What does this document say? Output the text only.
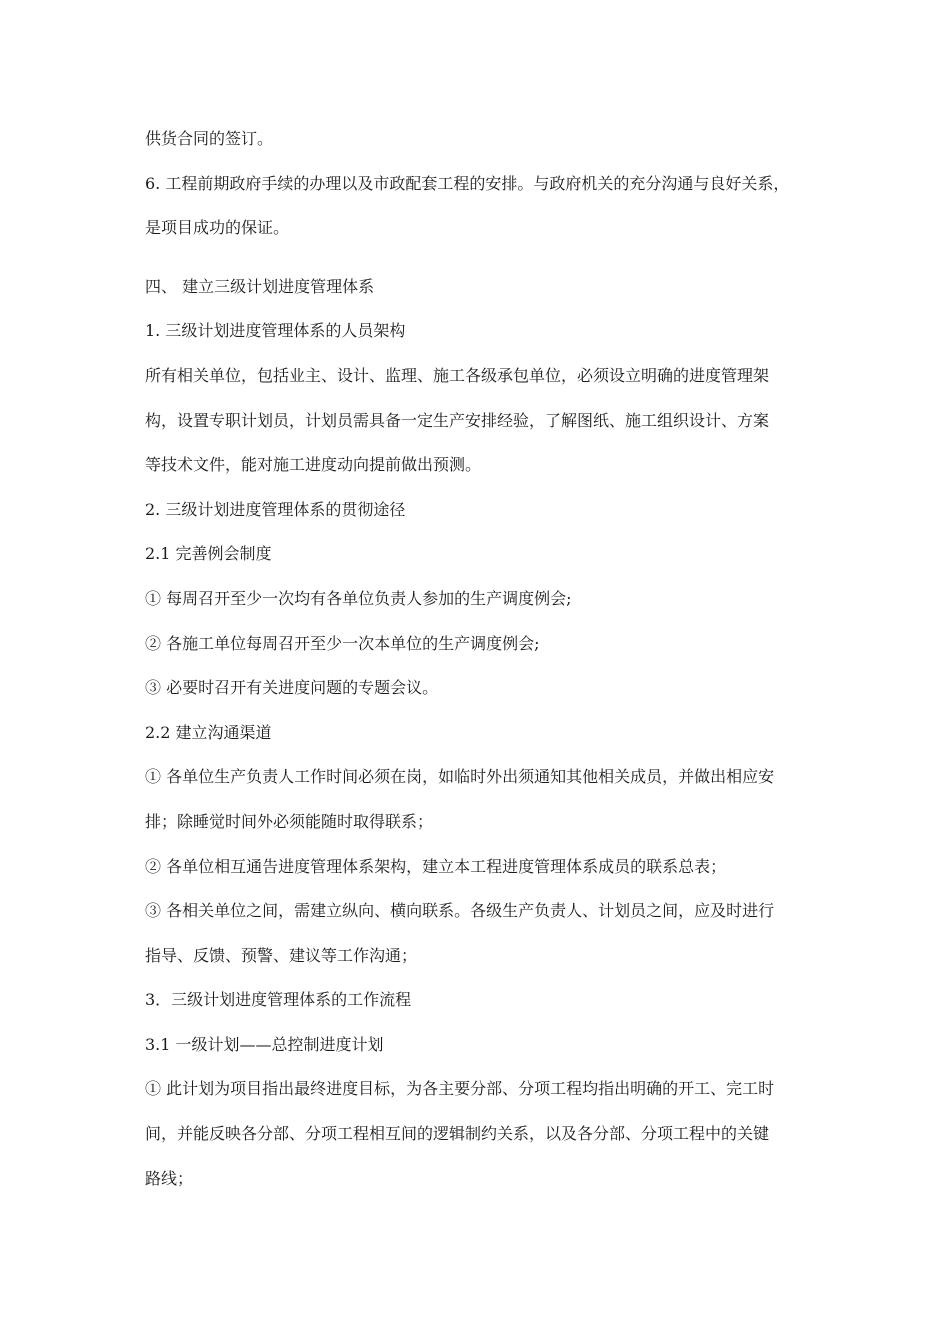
供货合同的签订。

6. 工程前期政府手续的办理以及市政配套工程的安排。与政府机关的充分沟通与良好关系，

是项目成功的保证。

四、 建立三级计划进度管理体系

1. 三级计划进度管理体系的人员架构

所有相关单位，包括业主、设计、监理、施工各级承包单位，必须设立明确的进度管理架

构，设置专职计划员，计划员需具备一定生产安排经验，了解图纸、施工组织设计、方案

等技术文件，能对施工进度动向提前做出预测。

2. 三级计划进度管理体系的贯彻途径

2.1 完善例会制度

① 每周召开至少一次均有各单位负责人参加的生产调度例会;

② 各施工单位每周召开至少一次本单位的生产调度例会;

③ 必要时召开有关进度问题的专题会议。

2.2 建立沟通渠道

① 各单位生产负责人工作时间必须在岗，如临时外出须通知其他相关成员，并做出相应安

排；除睡觉时间外必须能随时取得联系；

② 各单位相互通告进度管理体系架构，建立本工程进度管理体系成员的联系总表；

③ 各相关单位之间，需建立纵向、横向联系。各级生产负责人、计划员之间，应及时进行

指导、反馈、预警、建议等工作沟通；

3．三级计划进度管理体系的工作流程

3.1 一级计划——总控制进度计划

① 此计划为项目指出最终进度目标，为各主要分部、分项工程均指出明确的开工、完工时

间，并能反映各分部、分项工程相互间的逻辑制约关系，以及各分部、分项工程中的关键

路线；
